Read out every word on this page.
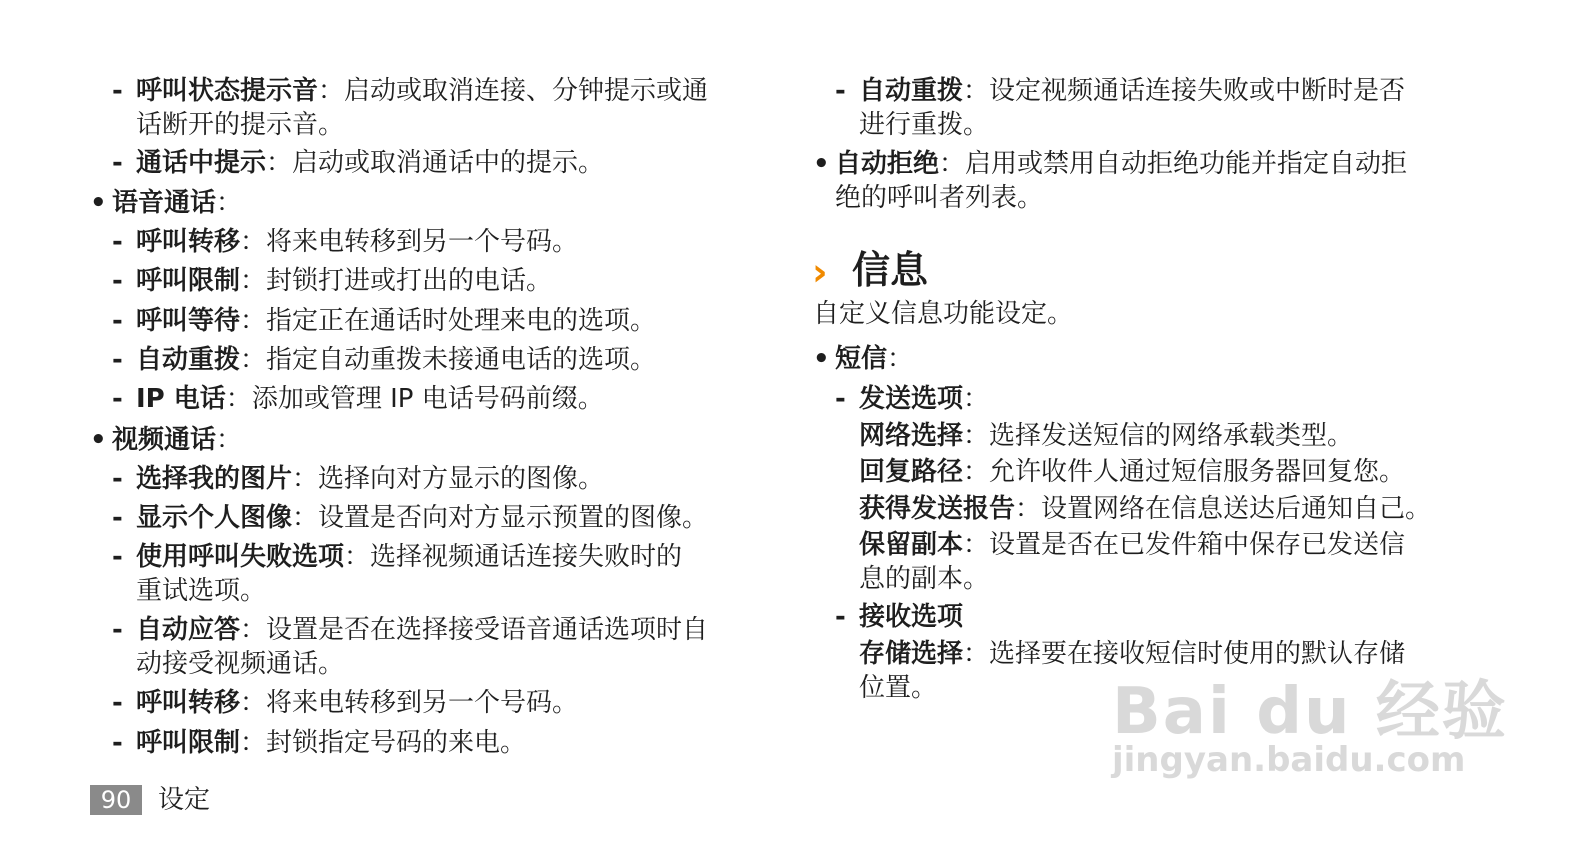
- 呼叫状态提示音：启动或取消连接、分钟提示或通
话断开的提示音。
- 通话中提示：启动或取消通话中的提示。
• 语音通话：
- 呼叫转移：将来电转移到另一个号码。
- 呼叫限制：封锁打进或打出的电话。
- 呼叫等待：指定正在通话时处理来电的选项。
- 自动重拨：指定自动重拨未接通电话的选项。
- IP 电话：添加或管理 IP 电话号码前缀。
• 视频通话：
- 选择我的图片：选择向对方显示的图像。
- 显示个人图像：设置是否向对方显示预置的图像。
- 使用呼叫失败选项：选择视频通话连接失败时的
重试选项。
- 自动应答：设置是否在选择接受语音通话选项时自
动接受视频通话。
- 呼叫转移：将来电转移到另一个号码。
- 呼叫限制：封锁指定号码的来电。
- 自动重拨：设定视频通话连接失败或中断时是否
进行重拨。
• 自动拒绝：启用或禁用自动拒绝功能并指定自动拒
绝的呼叫者列表。
› 信息
自定义信息功能设定。
• 短信：
- 发送选项：
网络选择：选择发送短信的网络承载类型。
回复路径：允许收件人通过短信服务器回复您。
获得发送报告：设置网络在信息送达后通知自己。
保留副本：设置是否在已发件箱中保存已发送信
息的副本。
- 接收选项
存储选择：选择要在接收短信时使用的默认存储
位置。	Bai du 经验
jingyan.baidu.com
90	设定
